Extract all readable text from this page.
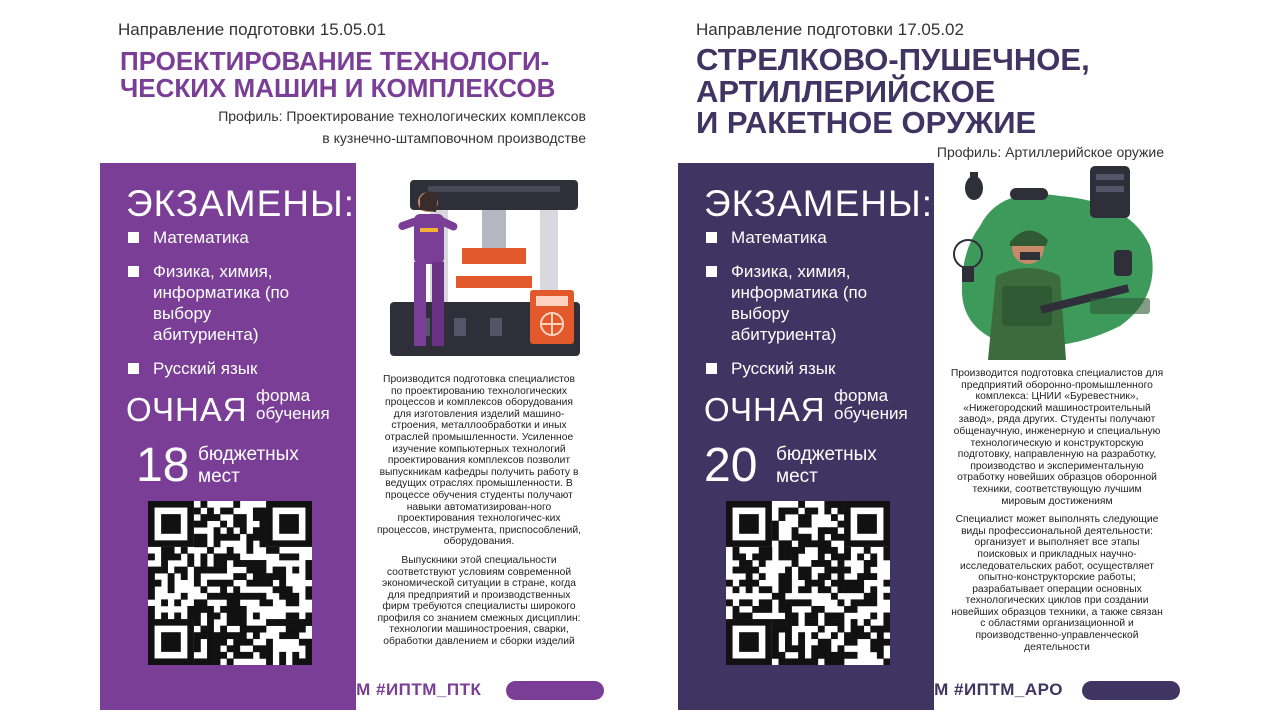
Направление подготовки 15.05.01
ПРОЕКТИРОВАНИЕ ТЕХНОЛОГИ-
ЧЕСКИХ МАШИН И КОМПЛЕКСОВ
Профиль: Проектирование технологических комплексов
в кузнечно-штамповочном производстве
ЭКЗАМЕНЫ:
Математика
Физика, химия, информатика (по выбору абитуриента)
Русский язык
ОЧНАЯ форма обучения
18 бюджетных мест

Производится подготовка специалистов по проектированию технологических процессов и комплексов оборудования для изготовления изделий машино-строения, металлообработки и иных отраслей промышленности. Усиленное изучение компьютерных технологий проектирования комплексов позволит выпускникам кафедры получить работу в ведущих отраслях промышленности. В процессе обучения студенты получают навыки автоматизирован-ного проектирования технологичес-ких процессов, инструмента, приспособлений, оборудования.

Выпускники этой специальности соответствуют условиям современной экономической ситуации в стране, когда для предприятий и производственных фирм требуются специалисты широкого профиля со знанием смежных дисциплин: технологии машиностроения, сварки, обработки давлением и сборки изделий

#НГТУАЛЕКСЕЕВА #ИПТМ #ИПТМ_ПТК
Направление подготовки 17.05.02
СТРЕЛКОВО-ПУШЕЧНОЕ,
АРТИЛЛЕРИЙСКОЕ
И РАКЕТНОЕ ОРУЖИЕ
Профиль: Артиллерийское оружие
ЭКЗАМЕНЫ:
Математика
Физика, химия, информатика (по выбору абитуриента)
Русский язык
ОЧНАЯ форма обучения
20 бюджетных мест

Производится подготовка специалистов для предприятий оборонно-промышленного комплекса: ЦНИИ «Буревестник», «Нижегородский машиностроительный завод», ряда других. Студенты получают общенаучную, инженерную и специальную технологическую и конструкторскую подготовку, направленную на разработку, производство и экспериментальную отработку новейших образцов оборонной техники, соответствующую лучшим мировым достижениям

Специалист может выполнять следующие виды профессиональной деятельности: организует и выполняет все этапы поисковых и прикладных научно-исследовательских работ, осуществляет опытно-конструкторские работы; разрабатывает операции основных технологических циклов при создании новейших образцов техники, а также связан с областями организационной и производственно-управленческой деятельности

#НГТУАЛЕКСЕЕВА #ИПТМ #ИПТМ_АРО
